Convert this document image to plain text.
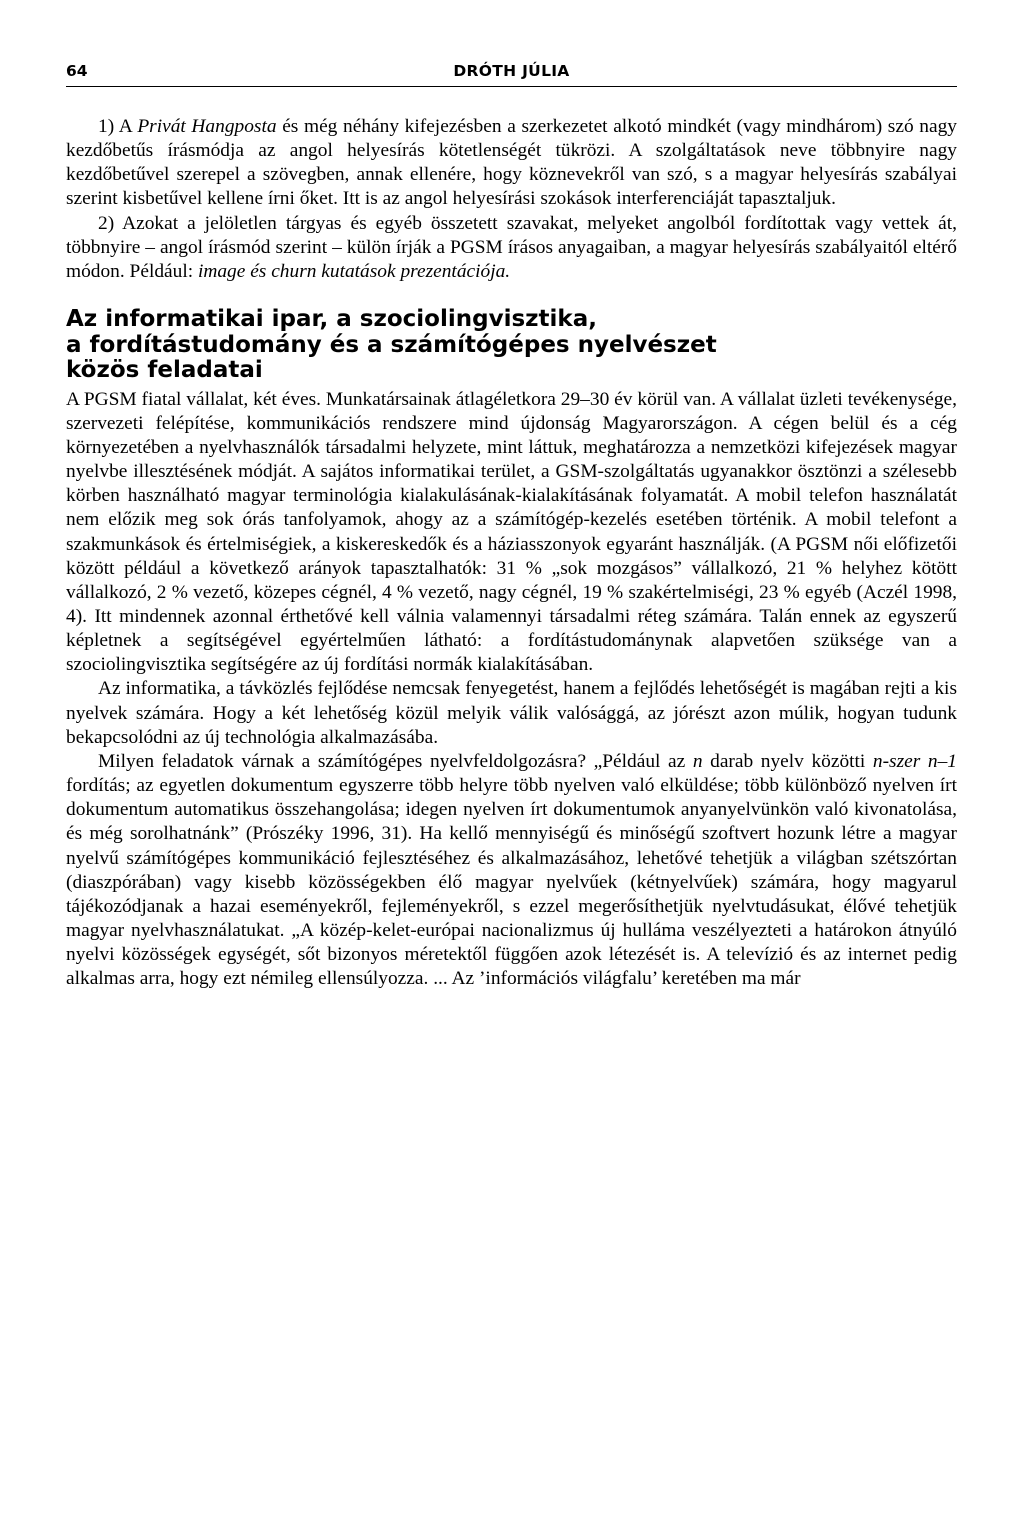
64	DRÓTH JÚLIA

1) A Privát Hangposta és még néhány kifejezésben a szerkezetet alkotó mindkét (vagy mindhárom) szó nagy kezdőbetűs írásmódja az angol helyesírás kötetlenségét tükrözi. A szolgáltatások neve többnyire nagy kezdőbetűvel szerepel a szövegben, annak ellenére, hogy köznevekről van szó, s a magyar helyesírás szabályai szerint kisbetűvel kellene írni őket. Itt is az angol helyesírási szokások interferenciáját tapasztaljuk.

2) Azokat a jelöletlen tárgyas és egyéb összetett szavakat, melyeket angolból fordítottak vagy vettek át, többnyire – angol írásmód szerint – külön írják a PGSM írásos anyagaiban, a magyar helyesírás szabályaitól eltérő módon. Például: image és churn kutatások prezentációja.

Az informatikai ipar, a szociolingvisztika,
a fordítástudomány és a számítógépes nyelvészet
közös feladatai

A PGSM fiatal vállalat, két éves. Munkatársainak átlagéletkora 29–30 év körül van. A vállalat üzleti tevékenysége, szervezeti felépítése, kommunikációs rendszere mind újdonság Magyarországon. A cégen belül és a cég környezetében a nyelvhasználók társadalmi helyzete, mint láttuk, meghatározza a nemzetközi kifejezések magyar nyelvbe illesztésének módját. A sajátos informatikai terület, a GSM-szolgáltatás ugyanakkor ösztönzi a szélesebb körben használható magyar terminológia kialakulásának-kialakításának folyamatát. A mobil telefon használatát nem előzik meg sok órás tanfolyamok, ahogy az a számítógép-kezelés esetében történik. A mobil telefont a szakmunkások és értelmiségiek, a kiskereskedők és a háziasszonyok egyaránt használják. (A PGSM női előfizetői között például a következő arányok tapasztalhatók: 31 % „sok mozgásos” vállalkozó, 21 % helyhez kötött vállalkozó, 2 % vezető, közepes cégnél, 4 % vezető, nagy cégnél, 19 % szakértelmiségi, 23 % egyéb (Aczél 1998, 4). Itt mindennek azonnal érthetővé kell válnia valamennyi társadalmi réteg számára. Talán ennek az egyszerű képletnek a segítségével egyértelműen látható: a fordítástudománynak alapvetően szüksége van a szociolingvisztika segítségére az új fordítási normák kialakításában.

Az informatika, a távközlés fejlődése nemcsak fenyegetést, hanem a fejlődés lehetőségét is magában rejti a kis nyelvek számára. Hogy a két lehetőség közül melyik válik valósággá, az jórészt azon múlik, hogyan tudunk bekapcsolódni az új technológia alkalmazásába.

Milyen feladatok várnak a számítógépes nyelvfeldolgozásra? „Például az n darab nyelv közötti n-szer n–1 fordítás; az egyetlen dokumentum egyszerre több helyre több nyelven való elküldése; több különböző nyelven írt dokumentum automatikus összehangolása; idegen nyelven írt dokumentumok anyanyelvünkön való kivonatolása, és még sorolhatnánk” (Prószéky 1996, 31). Ha kellő mennyiségű és minőségű szoftvert hozunk létre a magyar nyelvű számítógépes kommunikáció fejlesztéséhez és alkalmazásához, lehetővé tehetjük a világban szétszórtan (diaszpórában) vagy kisebb közösségekben élő magyar nyelvűek (kétnyelvűek) számára, hogy magyarul tájékozódjanak a hazai eseményekről, fejleményekről, s ezzel megerősíthetjük nyelvtudásukat, élővé tehetjük magyar nyelvhasználatukat. „A közép-kelet-európai nacionalizmus új hulláma veszélyezteti a határokon átnyúló nyelvi közösségek egységét, sőt bizonyos méretektől függően azok létezését is. A televízió és az internet pedig alkalmas arra, hogy ezt némileg ellensúlyozza. ... Az ’információs világfalu’ keretében ma már
